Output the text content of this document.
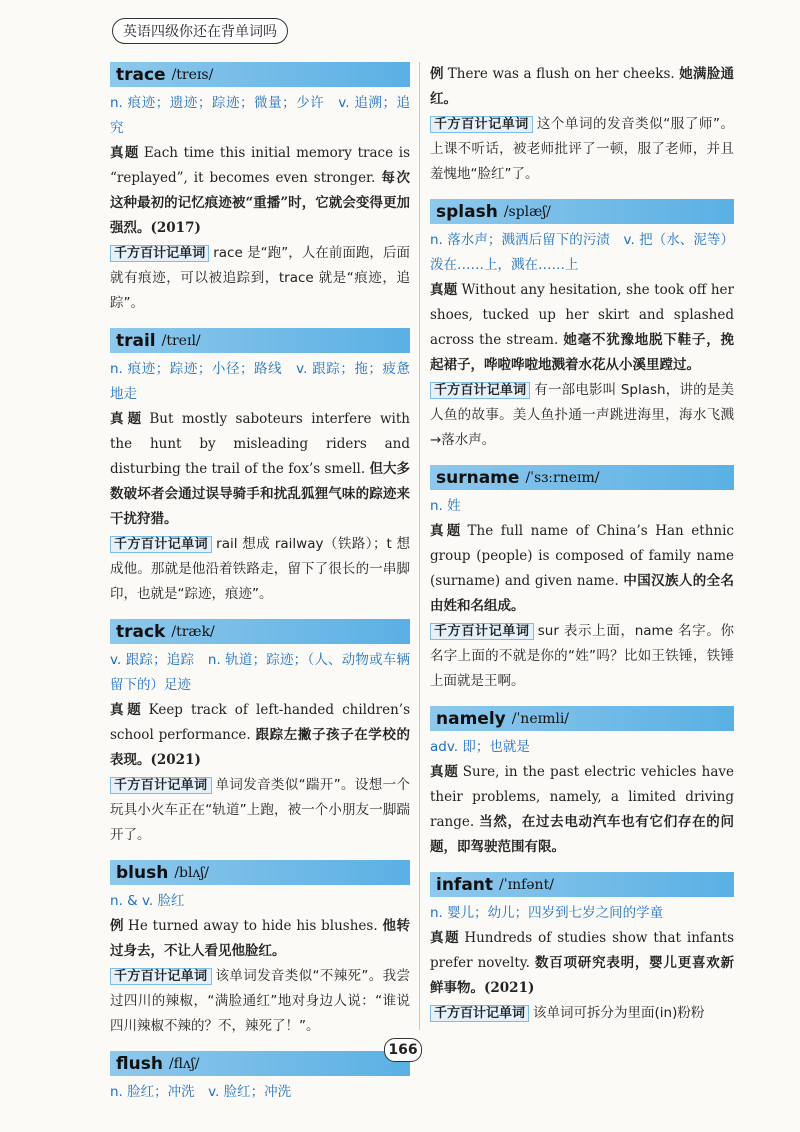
英语四级你还在背单词吗
trace /treɪs/
n. 痕迹；遗迹；踪迹；微量；少许　v. 追溯；追究
真题 Each time this initial memory trace is “replayed”, it becomes even stronger. 每次这种最初的记忆痕迹被“重播”时，它就会变得更加强烈。(2017)
千方百计记单词 race 是“跑”，人在前面跑，后面就有痕迹，可以被追踪到，trace 就是“痕迹，追踪”。
trail /treɪl/
n. 痕迹；踪迹；小径；路线　v. 跟踪；拖；疲惫地走
真题 But mostly saboteurs interfere with the hunt by misleading riders and disturbing the trail of the fox’s smell. 但大多数破坏者会通过误导骑手和扰乱狐狸气味的踪迹来干扰狩猎。
千方百计记单词 rail 想成 railway（铁路）；t 想成他。那就是他沿着铁路走，留下了很长的一串脚印，也就是“踪迹，痕迹”。
track /træk/
v. 跟踪；追踪　n. 轨道；踪迹；（人、动物或车辆留下的）足迹
真题 Keep track of left-handed children’s school performance. 跟踪左撇子孩子在学校的表现。(2021)
千方百计记单词 单词发音类似“踹开”。设想一个玩具小火车正在“轨道”上跑，被一个小朋友一脚踹开了。
blush /blʌʃ/
n. & v. 脸红
例 He turned away to hide his blushes. 他转过身去，不让人看见他脸红。
千方百计记单词 该单词发音类似“不辣死”。我尝过四川的辣椒，“满脸通红”地对身边人说：“谁说四川辣椒不辣的？不，辣死了！”。
flush /flʌʃ/
n. 脸红；冲洗　v. 脸红；冲洗
例 There was a flush on her cheeks. 她满脸通红。
千方百计记单词 这个单词的发音类似“服了师”。上课不听话，被老师批评了一顿，服了老师，并且羞愧地“脸红”了。
splash /splæʃ/
n. 落水声；溅洒后留下的污渍　v. 把（水、泥等）泼在……上，溅在……上
真题 Without any hesitation, she took off her shoes, tucked up her skirt and splashed across the stream. 她毫不犹豫地脱下鞋子，挽起裙子，哗啦哗啦地溅着水花从小溪里蹚过。
千方百计记单词 有一部电影叫 Splash，讲的是美人鱼的故事。美人鱼扑通一声跳进海里，海水飞溅→落水声。
surname /ˈsɜːrneɪm/
n. 姓
真题 The full name of China’s Han ethnic group (people) is composed of family name (surname) and given name. 中国汉族人的全名由姓和名组成。
千方百计记单词 sur 表示上面，name 名字。你名字上面的不就是你的“姓”吗？比如王铁锤，铁锤上面就是王啊。
namely /ˈneɪmli/
adv. 即；也就是
真题 Sure, in the past electric vehicles have their problems, namely, a limited driving range. 当然，在过去电动汽车也有它们存在的问题，即驾驶范围有限。
infant /ˈɪnfənt/
n. 婴儿；幼儿；四岁到七岁之间的学童
真题 Hundreds of studies show that infants prefer novelty. 数百项研究表明，婴儿更喜欢新鲜事物。(2021)
千方百计记单词 该单词可拆分为里面(in)粉粉
166
